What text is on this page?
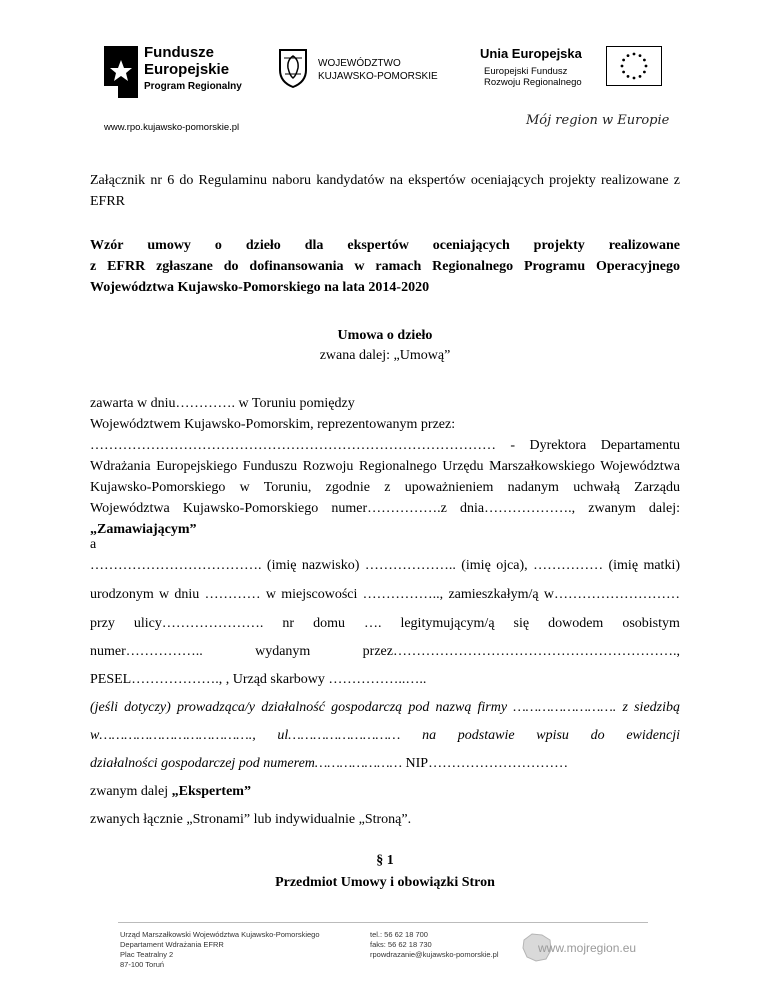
Fundusze
Europejskie
Program Regionalny
WOJEWÓDZTWO
KUJAWSKO-POMORSKIE
Unia Europejska
Europejski Fundusz
Rozwoju Regionalnego
www.rpo.kujawsko-pomorskie.pl	Mój region w Europie
Załącznik nr 6 do Regulaminu naboru kandydatów na ekspertów oceniających projekty realizowane z EFRR
Wzór umowy o dzieło dla ekspertów oceniających projekty realizowane
z EFRR zgłaszane do dofinansowania w ramach Regionalnego Programu Operacyjnego
Województwa Kujawsko-Pomorskiego na lata 2014-2020
Umowa o dzieło
zwana dalej: „Umową”
zawarta w dniu…………. w Toruniu pomiędzy
Województwem Kujawsko-Pomorskim, reprezentowanym przez:
…………………………………………………………………………… - Dyrektora Departamentu
Wdrażania Europejskiego Funduszu Rozwoju Regionalnego Urzędu Marszałkowskiego Województwa
Kujawsko-Pomorskiego w Toruniu, zgodnie z upoważnieniem nadanym uchwałą Zarządu
Województwa Kujawsko-Pomorskiego numer…………….z dnia………………., zwanym dalej:
„Zamawiającym”
a
………………………………. (imię nazwisko) ……………….. (imię ojca), …………… (imię matki)
urodzonym w dniu ………… w miejscowości …………….., zamieszkałym/ą w………………………
przy ulicy…………………. nr domu …. legitymującym/ą się dowodem osobistym
numer……………..	wydanym	przez…………………………………………………….,
PESEL………………., , Urząd skarbowy ……………..…..
(jeśli dotyczy) prowadząca/y działalność gospodarczą pod nazwą firmy ……………………. z siedzibą
w………………………………., ul……………………… na podstawie wpisu do ewidencji
działalności gospodarczej pod numerem………………… NIP…………………………
zwanym dalej „Ekspertem”
zwanych łącznie „Stronami” lub indywidualnie „Stroną”.
§ 1
Przedmiot Umowy i obowiązki Stron
Urząd Marszałkowski Województwa Kujawsko-Pomorskiego
Departament Wdrażania EFRR
Plac Teatralny 2
87-100 Toruń
tel.: 56 62 18 700
faks: 56 62 18 730
rpowdrazanie@kujawsko-pomorskie.pl	www.mojregion.eu
